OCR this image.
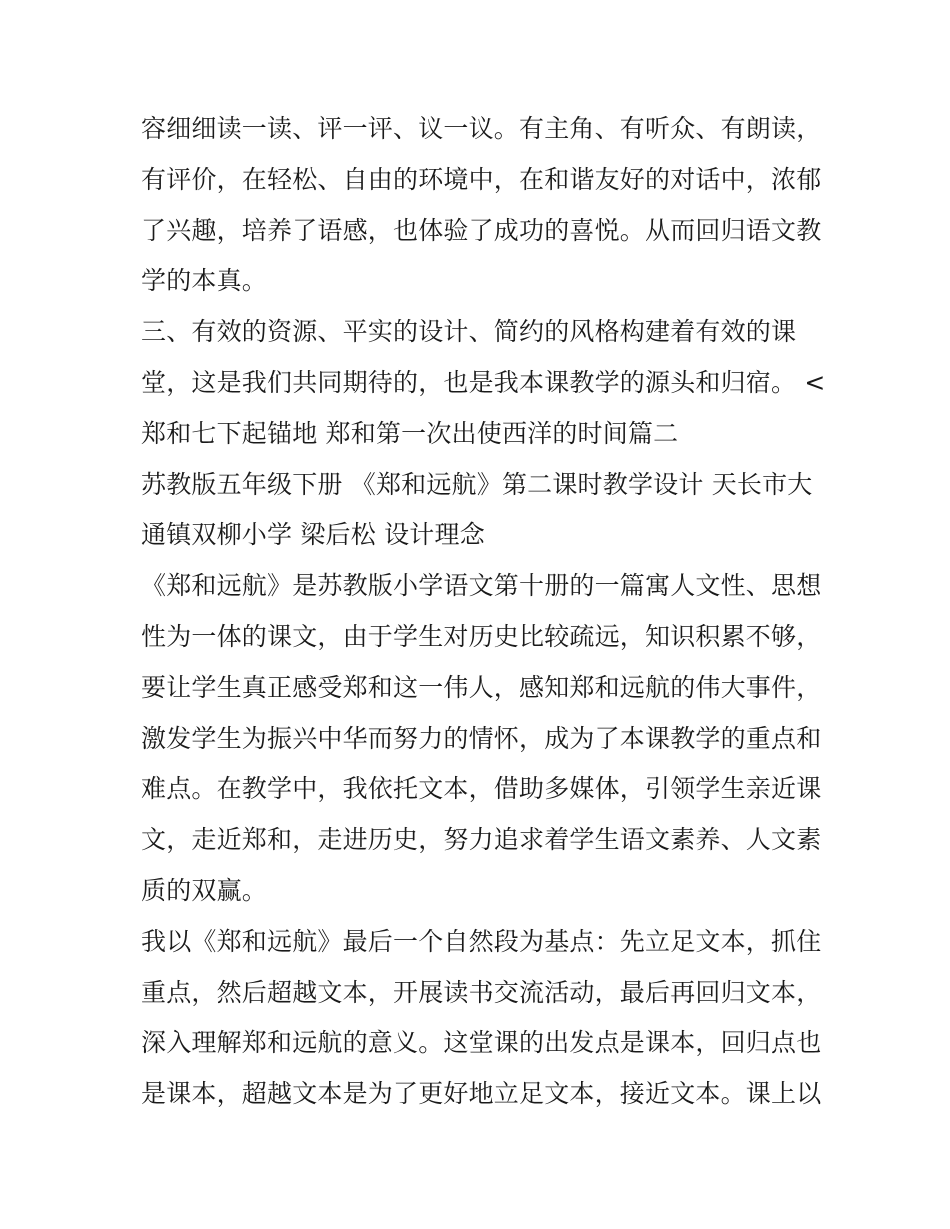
容细细读一读、评一评、议一议。有主角、有听众、有朗读，
有评价，在轻松、自由的环境中，在和谐友好的对话中，浓郁
了兴趣，培养了语感，也体验了成功的喜悦。从而回归语文教
学的本真。
三、有效的资源、平实的设计、简约的风格构建着有效的课
堂，这是我们共同期待的，也是我本课教学的源头和归宿。 <
郑和七下起锚地 郑和第一次出使西洋的时间篇二
苏教版五年级下册 《郑和远航》第二课时教学设计 天长市大
通镇双柳小学 梁后松 设计理念
《郑和远航》是苏教版小学语文第十册的一篇寓人文性、思想
性为一体的课文，由于学生对历史比较疏远，知识积累不够，
要让学生真正感受郑和这一伟人，感知郑和远航的伟大事件，
激发学生为振兴中华而努力的情怀，成为了本课教学的重点和
难点。在教学中，我依托文本，借助多媒体，引领学生亲近课
文，走近郑和，走进历史，努力追求着学生语文素养、人文素
质的双赢。
我以《郑和远航》最后一个自然段为基点：先立足文本，抓住
重点，然后超越文本，开展读书交流活动，最后再回归文本，
深入理解郑和远航的意义。这堂课的出发点是课本，回归点也
是课本，超越文本是为了更好地立足文本，接近文本。课上以
